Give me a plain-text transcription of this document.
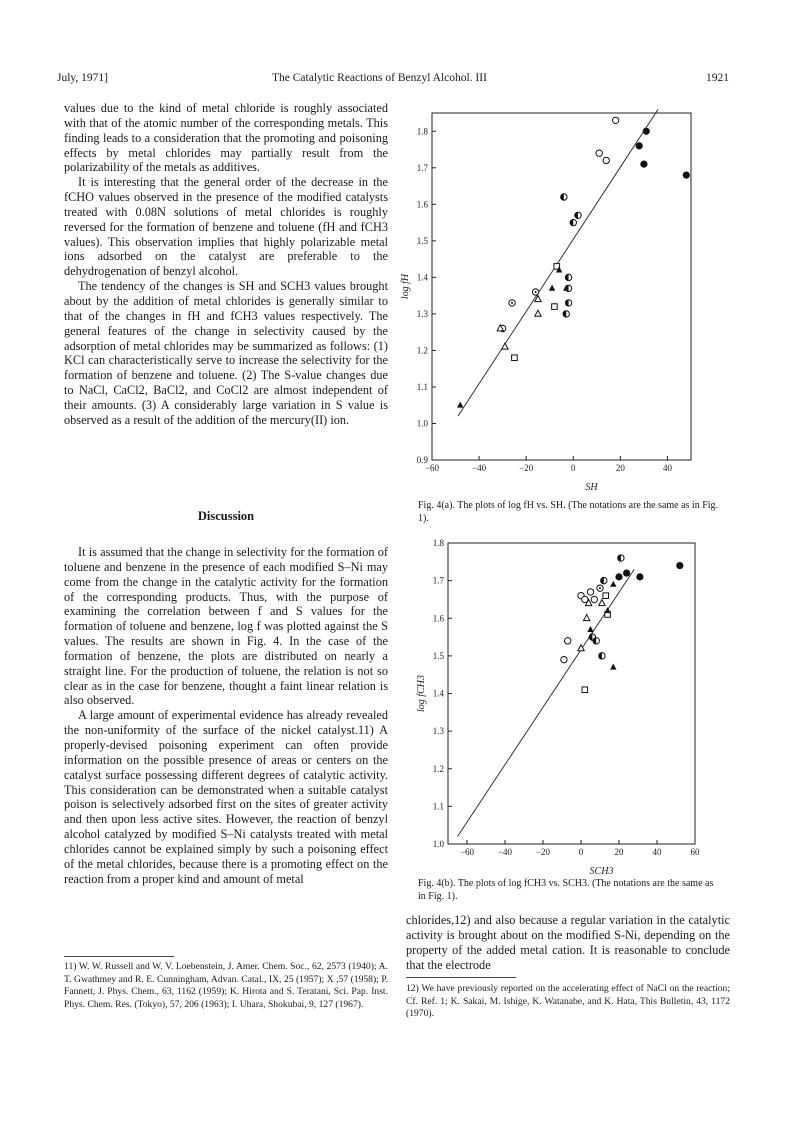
July, 1971]	The Catalytic Reactions of Benzyl Alcohol. III	1921

values due to the kind of metal chloride is roughly associated with that of the atomic number of the corresponding metals. This finding leads to a consideration that the promoting and poisoning effects by metal chlorides may partially result from the polarizability of the metals as additives.

It is interesting that the general order of the decrease in the fCHO values observed in the presence of the modified catalysts treated with 0.08N solutions of metal chlorides is roughly reversed for the formation of benzene and toluene (fH and fCH3 values). This observation implies that highly polarizable metal ions adsorbed on the catalyst are preferable to the dehydrogenation of benzyl alcohol.

The tendency of the changes is SH and SCH3 values brought about by the addition of metal chlorides is generally similar to that of the changes in fH and fCH3 values respectively. The general features of the change in selectivity caused by the adsorption of metal chlorides may be summarized as follows: (1) KCl can characteristically serve to increase the selectivity for the formation of benzene and toluene. (2) The S-value changes due to NaCl, CaCl2, BaCl2, and CoCl2 are almost independent of their amounts. (3) A considerably large variation in S value is observed as a result of the addition of the mercury(II) ion.

Discussion

It is assumed that the change in selectivity for the formation of toluene and benzene in the presence of each modified S–Ni may come from the change in the catalytic activity for the formation of the corresponding products. Thus, with the purpose of examining the correlation between f and S values for the formation of toluene and benzene, log f was plotted against the S values. The results are shown in Fig. 4. In the case of the formation of benzene, the plots are distributed on nearly a straight line. For the production of toluene, the relation is not so clear as in the case for benzene, thought a faint linear relation is also observed.

A large amount of experimental evidence has already revealed the non-uniformity of the surface of the nickel catalyst.11) A properly-devised poisoning experiment can often provide information on the possible presence of areas or centers on the catalyst surface possessing different degrees of catalytic activity. This consideration can be demonstrated when a suitable catalyst poison is selectively adsorbed first on the sites of greater activity and then upon less active sites. However, the reaction of benzyl alcohol catalyzed by modified S–Ni catalysts treated with metal chlorides cannot be explained simply by such a poisoning effect of the metal chlorides, because there is a promoting effect on the reaction from a proper kind and amount of metal

11) W. W. Russell and W. V. Loebenstein, J. Amer. Chem. Soc., 62, 2573 (1940); A. T. Gwathmey and R. E. Cunningham, Advan. Catal., IX, 25 (1957); X ,57 (1958); P. Fannett, J. Phys. Chem., 63, 1162 (1959); K. Hirota and S. Teratani, Sci. Pap. Inst. Phys. Chem. Res. (Tokyo), 57, 206 (1963); I. Uhara, Shokubai, 9, 127 (1967).

−60	−40	−20	0	20	40
0.9
1.0
1.1
1.2
1.3
1.4
1.5
1.6
1.7
1.8
SH
log fH
Fig. 4(a). The plots of log fH vs. SH. (The notations are the same as in Fig. 1).
−60	−40	−20	0	20	40	60
1.0
1.1
1.2
1.3
1.4
1.5
1.6
1.7
1.8
SCH3
log fCH3
Fig. 4(b). The plots of log fCH3 vs. SCH3. (The notations are the same as in Fig. 1).

chlorides,12) and also because a regular variation in the catalytic activity is brought about on the modified S-Ni, depending on the property of the added metal cation. It is reasonable to conclude that the electrode

12) We have previously reported on the accelerating effect of NaCl on the reaction; Cf. Ref. 1; K. Sakai, M. Ishige, K. Watanabe, and K. Hata, This Bulletin, 43, 1172 (1970).
